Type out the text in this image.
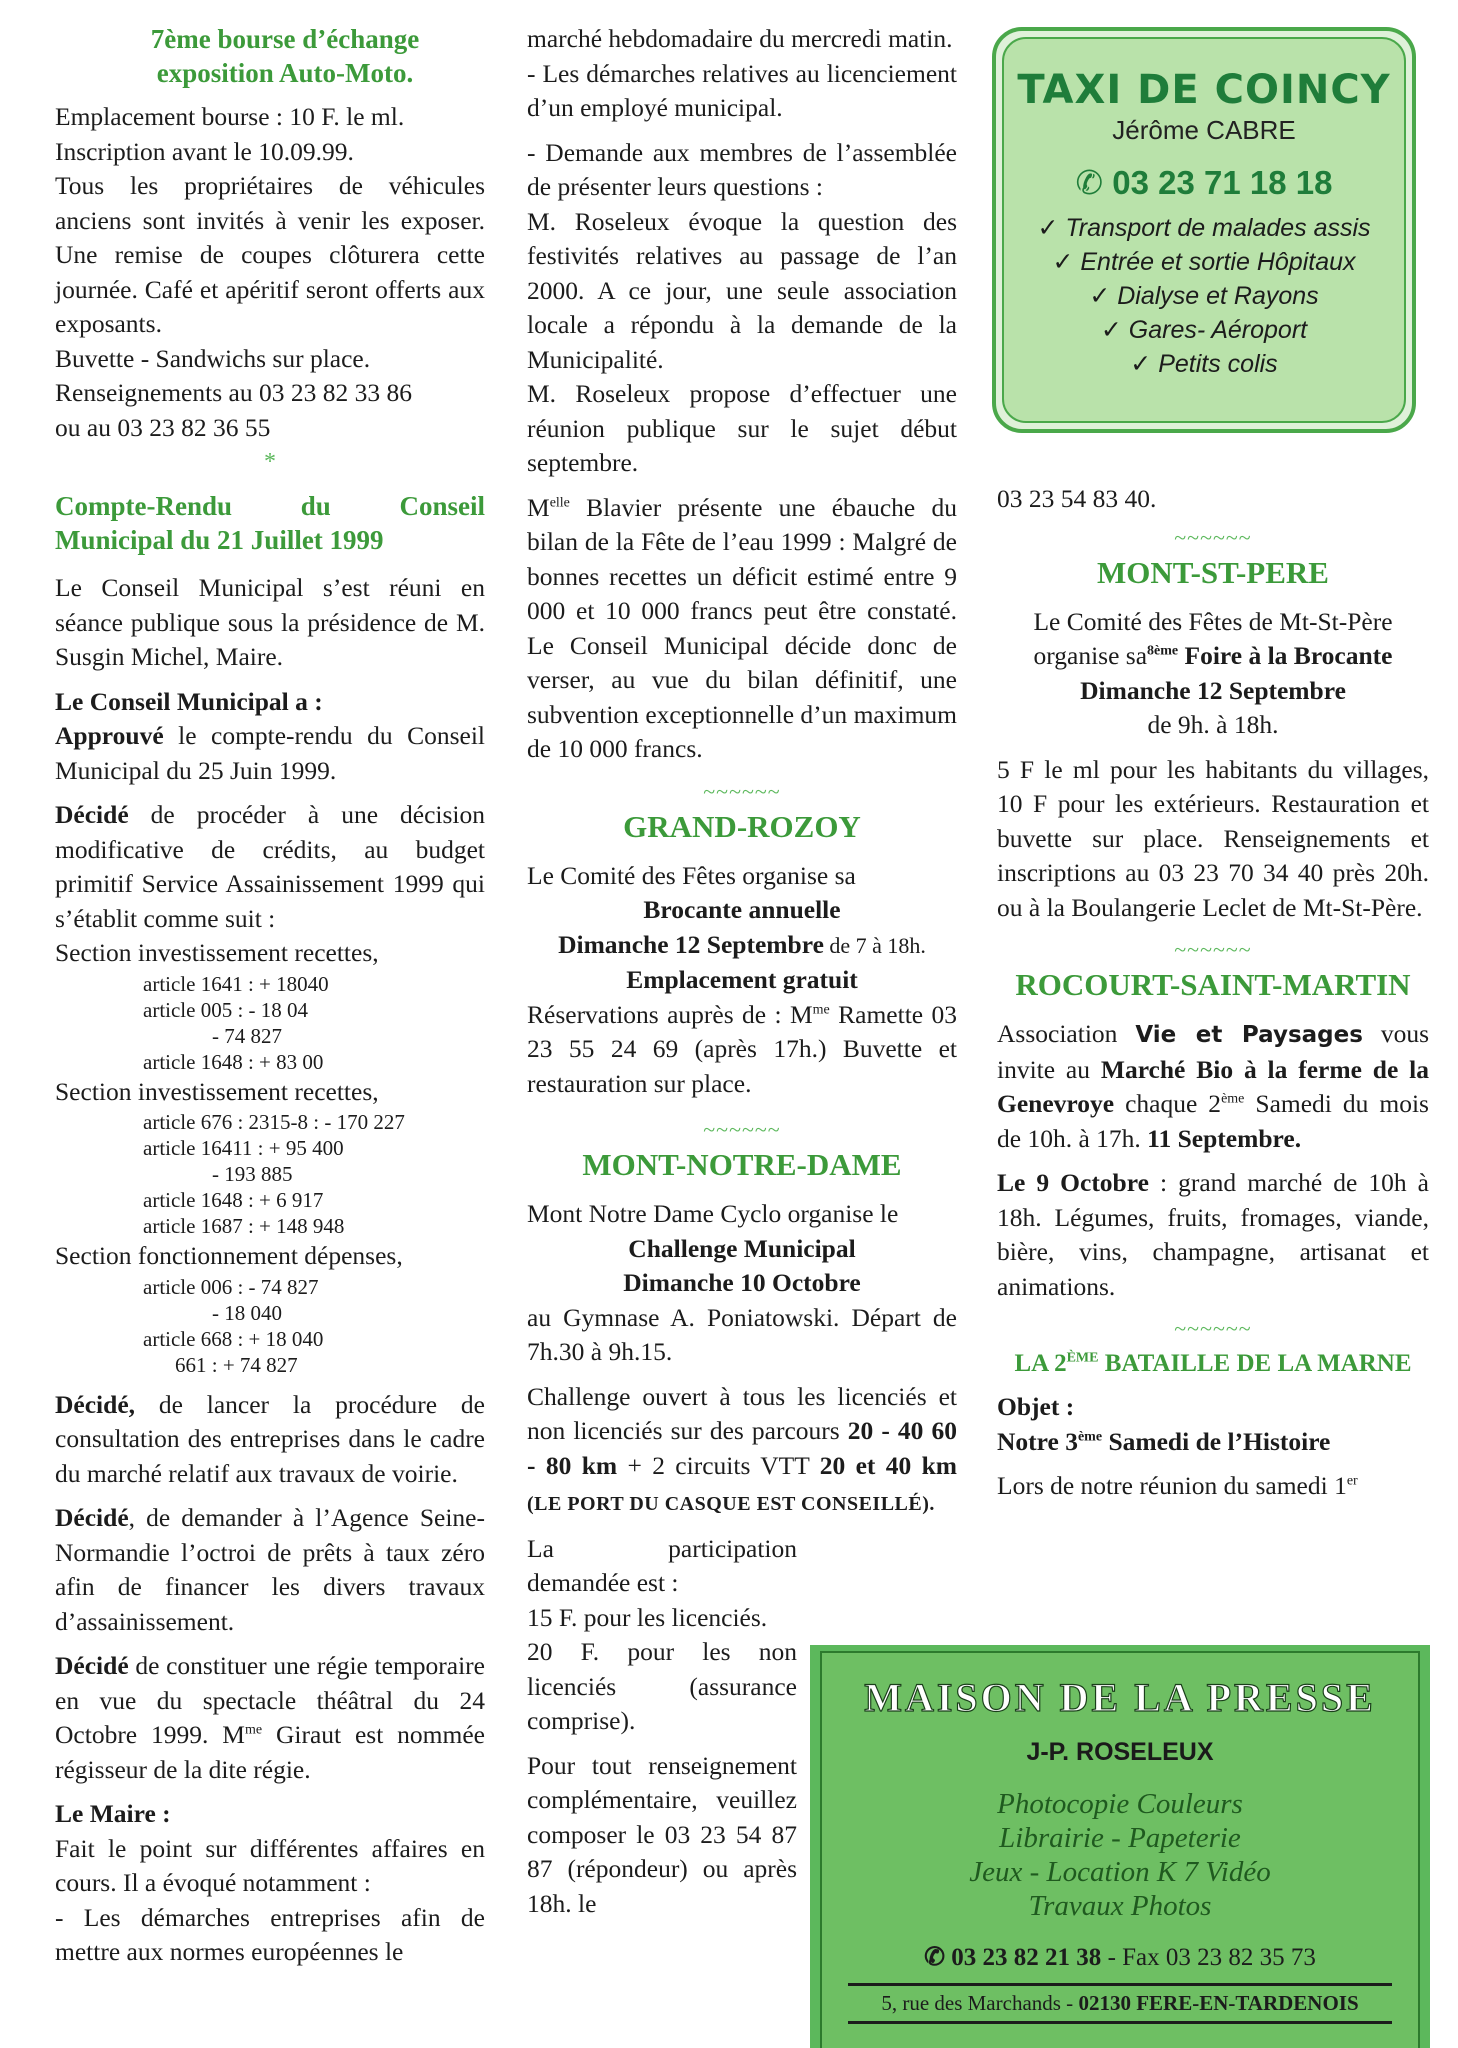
7ème bourse d’échange
exposition Auto-Moto.

Emplacement bourse : 10 F. le ml.

Inscription avant le 10.09.99.

Tous les propriétaires de véhicules anciens sont invités à venir les exposer. Une remise de coupes clôturera cette journée. Café et apéritif seront offerts aux exposants.

Buvette - Sandwichs sur place.

Renseignements au 03 23 82 33 86

ou au 03 23 82 36 55

*

Compte-Rendu du Conseil

Municipal du 21 Juillet 1999

Le Conseil Municipal s’est réuni en séance publique sous la présidence de M. Susgin Michel, Maire.

Le Conseil Municipal a :

Approuvé le compte-rendu du Conseil Municipal du 25 Juin 1999.

Décidé de procéder à une décision modificative de crédits, au budget primitif Service Assainissement 1999 qui s’établit comme suit :

Section investissement recettes,

article 1641 : + 18040

article 005 : - 18 04

- 74 827

article 1648 : + 83 00

Section investissement recettes,

article 676 : 2315-8 : - 170 227

article 16411 : + 95 400

- 193 885

article 1648 : + 6 917

article 1687 : + 148 948

Section fonctionnement dépenses,

article 006 : - 74 827

- 18 040

article 668 : + 18 040

661 : + 74 827

Décidé, de lancer la procédure de consultation des entreprises dans le cadre du marché relatif aux travaux de voirie.

Décidé, de demander à l’Agence Seine-Normandie l’octroi de prêts à taux zéro afin de financer les divers travaux d’assainissement.

Décidé de constituer une régie temporaire en vue du spectacle théâtral du 24 Octobre 1999. $M^{me}$ Giraut est nommée régisseur de la dite régie.

Le Maire :

Fait le point sur différentes affaires en cours. Il a évoqué notamment :

- Les démarches entreprises afin de mettre aux normes européennes le

marché hebdomadaire du mercredi matin.

- Les démarches relatives au licenciement d’un employé municipal.

- Demande aux membres de l’assemblée de présenter leurs questions :

M. Roseleux évoque la question des festivités relatives au passage de l’an 2000. A ce jour, une seule association locale a répondu à la demande de la Municipalité.

M. Roseleux propose d’effectuer une réunion publique sur le sujet début septembre.

$M^{elle}$ Blavier présente une ébauche du bilan de la Fête de l’eau 1999 : Malgré de bonnes recettes un déficit estimé entre 9 000 et 10 000 francs peut être constaté. Le Conseil Municipal décide donc de verser, au vue du bilan définitif, une subvention exceptionnelle d’un maximum de 10 000 francs.

~~~~~~

GRAND-ROZOY

Le Comité des Fêtes organise sa

Brocante annuelle

Dimanche 12 Septembre de 7 à 18h.

Emplacement gratuit

Réservations auprès de : $M^{me}$ Ramette 03 23 55 24 69 (après 17h.) Buvette et restauration sur place.

~~~~~~

MONT-NOTRE-DAME

Mont Notre Dame Cyclo organise le

Challenge Municipal

Dimanche 10 Octobre

au Gymnase A. Poniatowski. Départ de 7h.30 à 9h.15.

Challenge ouvert à tous les licenciés et non licenciés sur des parcours 20 - 40 60 - 80 km + 2 circuits VTT 20 et 40 km (LE PORT DU CASQUE EST CONSEILLÉ).

La participation demandée est :

15 F. pour les licenciés.

20 F. pour les non licenciés (assurance comprise).

Pour tout renseignement complémentaire, veuillez composer le 03 23 54 87 87 (répondeur) ou après 18h. le

TAXI DE COINCY
Jérôme CABRE
✆ 03 23 71 18 18
✓ Transport de malades assis
✓ Entrée et sortie Hôpitaux
✓ Dialyse et Rayons
✓ Gares- Aéroport
✓ Petits colis

03 23 54 83 40.

~~~~~~

MONT-ST-PERE

Le Comité des Fêtes de Mt-St-Père

organise $sa^{8ème}$ Foire à la Brocante

Dimanche 12 Septembre

de 9h. à 18h.

5 F le ml pour les habitants du villages, 10 F pour les extérieurs. Restauration et buvette sur place. Renseignements et inscriptions au 03 23 70 34 40 près 20h. ou à la Boulangerie Leclet de Mt-St-Père.

~~~~~~

ROCOURT-SAINT-MARTIN

Association Vie et Paysages vous invite au Marché Bio à la ferme de la Genevroye chaque 2ème Samedi du mois de 10h. à 17h. 11 Septembre.

Le 9 Octobre : grand marché de 10h à 18h. Légumes, fruits, fromages, viande, bière, vins, champagne, artisanat et animations.

~~~~~~

LA 2ÈME BATAILLE DE LA MARNE

Objet :

Notre 3ème Samedi de l’Histoire

Lors de notre réunion du samedi 1er

MAISON DE LA PRESSE
J-P. ROSELEUX
Photocopie Couleurs
Librairie - Papeterie
Jeux - Location K 7 Vidéo
Travaux Photos
✆ 03 23 82 21 38 - Fax 03 23 82 35 73
5, rue des Marchands - 02130 FERE-EN-TARDENOIS
